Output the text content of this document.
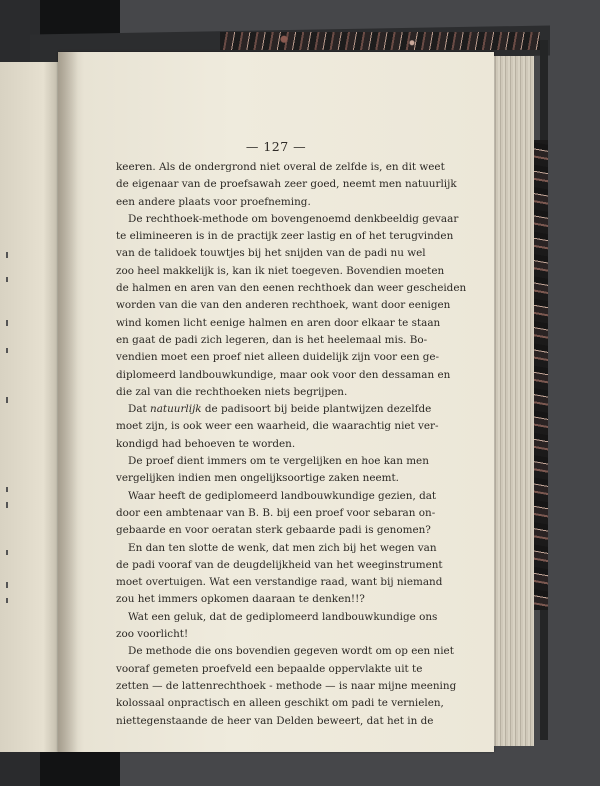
— 127 —
keeren. Als de ondergrond niet overal de zelfde is, en dit weet
de eigenaar van de proefsawah zeer goed, neemt men natuurlijk
een andere plaats voor proefneming.
De rechthoek-methode om bovengenoemd denkbeeldig gevaar
te elimineeren is in de practijk zeer lastig en of het terugvinden
van de talidoek touwtjes bij het snijden van de padi nu wel
zoo heel makkelijk is, kan ik niet toegeven. Bovendien moeten
de halmen en aren van den eenen rechthoek dan weer gescheiden
worden van die van den anderen rechthoek, want door eenigen
wind komen licht eenige halmen en aren door elkaar te staan
en gaat de padi zich legeren, dan is het heelemaal mis. Bo-
vendien moet een proef niet alleen duidelijk zijn voor een ge-
diplomeerd landbouwkundige, maar ook voor den dessaman en
die zal van die rechthoeken niets begrijpen.
Dat natuurlijk de padisoort bij beide plantwijzen dezelfde
moet zijn, is ook weer een waarheid, die waarachtig niet ver-
kondigd had behoeven te worden.
De proef dient immers om te vergelijken en hoe kan men
vergelijken indien men ongelijksoortige zaken neemt.
Waar heeft de gediplomeerd landbouwkundige gezien, dat
door een ambtenaar van B. B. bij een proef voor sebaran on-
gebaarde en voor oeratan sterk gebaarde padi is genomen?
En dan ten slotte de wenk, dat men zich bij het wegen van
de padi vooraf van de deugdelijkheid van het weeginstrument
moet overtuigen. Wat een verstandige raad, want bij niemand
zou het immers opkomen daaraan te denken!!?
Wat een geluk, dat de gediplomeerd landbouwkundige ons
zoo voorlicht!
De methode die ons bovendien gegeven wordt om op een niet
vooraf gemeten proefveld een bepaalde oppervlakte uit te
zetten — de lattenrechthoek - methode — is naar mijne meening
kolossaal onpractisch en alleen geschikt om padi te vernielen,
niettegenstaande de heer van Delden beweert, dat het in de
